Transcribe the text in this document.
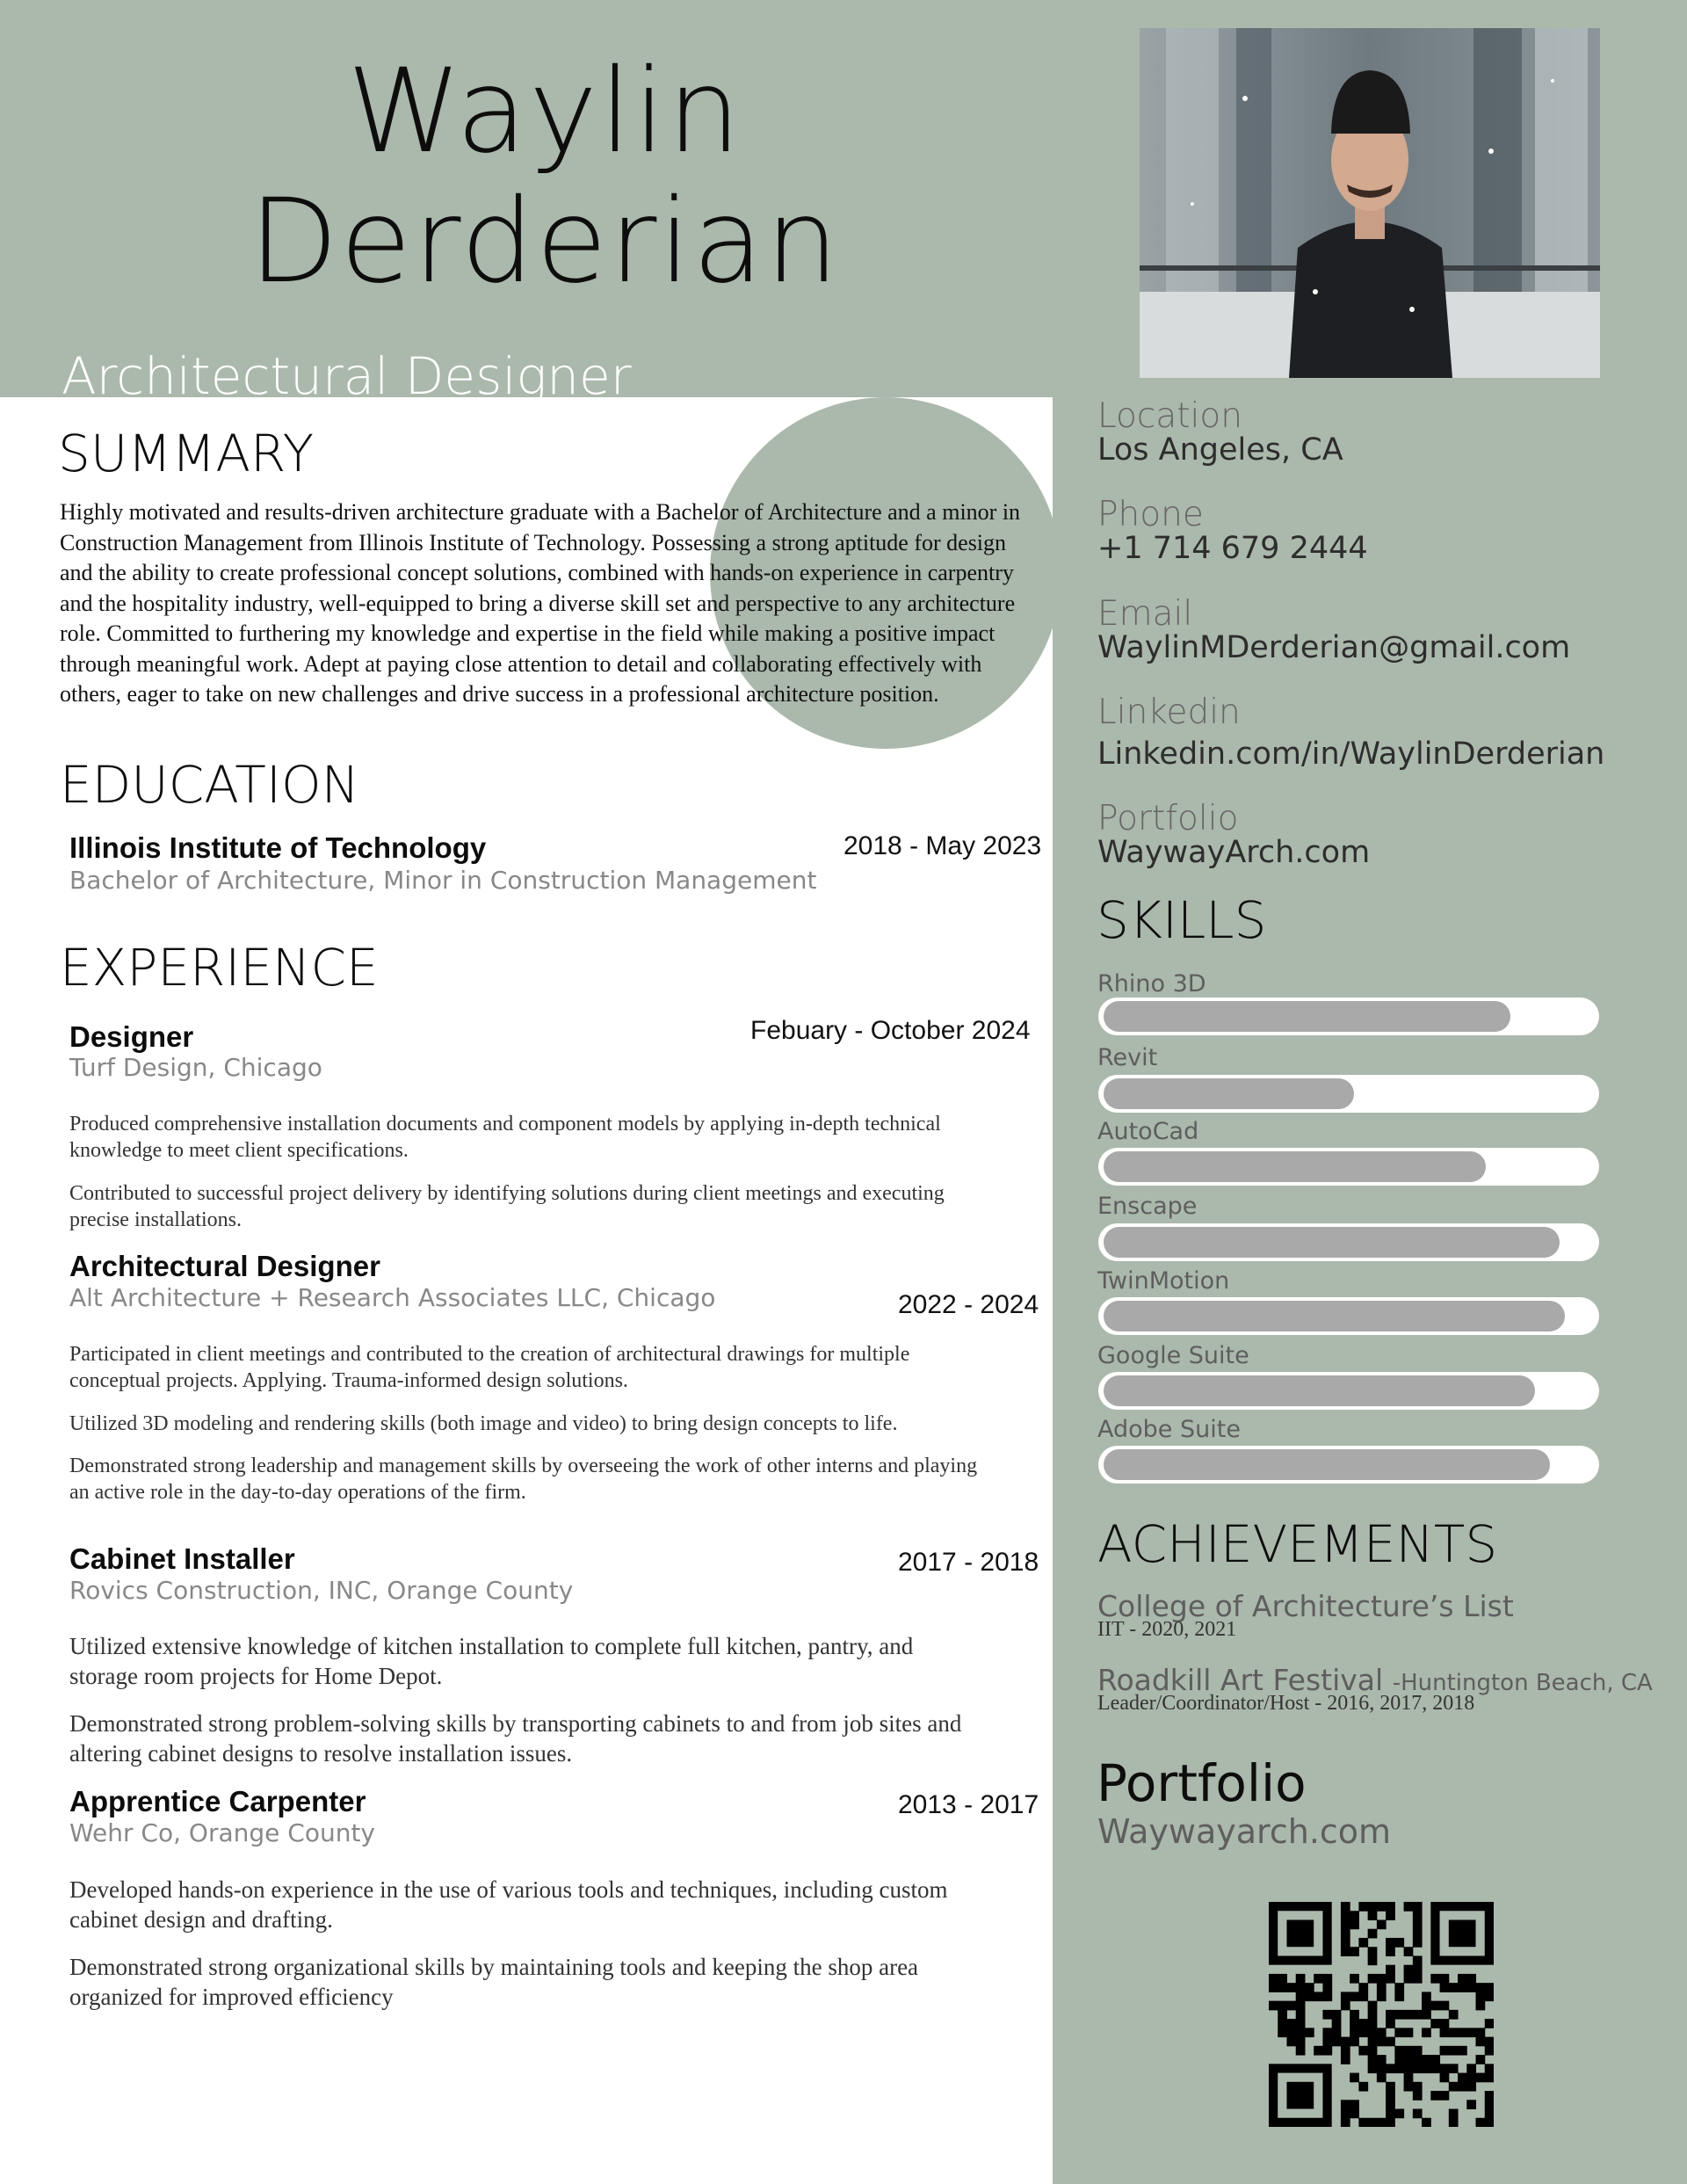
Waylin
Derderian
Architectural Designer
SUMMARY
Highly motivated and results-driven architecture graduate with a Bachelor of Architecture and a minor in Construction Management from Illinois Institute of Technology. Possessing a strong aptitude for design and the ability to create professional concept solutions, combined with hands-on experience in carpentry and the hospitality industry, well-equipped to bring a diverse skill set and perspective to any architecture role. Committed to furthering my knowledge and expertise in the field while making a positive impact through meaningful work. Adept at paying close attention to detail and collaborating effectively with others, eager to take on new challenges and drive success in a professional architecture position.
EDUCATION
Illinois Institute of Technology	2018 - May 2023
Bachelor of Architecture, Minor in Construction Management
EXPERIENCE
Designer	Febuary - October 2024
Turf Design, Chicago
Produced comprehensive installation documents and component models by applying in-depth technical knowledge to meet client specifications.
Contributed to successful project delivery by identifying solutions during client meetings and executing precise installations.
Architectural Designer
Alt Architecture + Research Associates LLC, Chicago	2022 - 2024
Participated in client meetings and contributed to the creation of architectural drawings for multiple conceptual projects. Applying. Trauma-informed design solutions.
Utilized 3D modeling and rendering skills (both image and video) to bring design concepts to life.
Demonstrated strong leadership and management skills by overseeing the work of other interns and playing an active role in the day-to-day operations of the firm.
Cabinet Installer	2017 - 2018
Rovics Construction, INC, Orange County
Utilized extensive knowledge of kitchen installation to complete full kitchen, pantry, and storage room projects for Home Depot.
Demonstrated strong problem-solving skills by transporting cabinets to and from job sites and altering cabinet designs to resolve installation issues.
Apprentice Carpenter	2013 - 2017
Wehr Co, Orange County
Developed hands-on experience in the use of various tools and techniques, including custom cabinet design and drafting.
Demonstrated strong organizational skills by maintaining tools and keeping the shop area organized for improved efficiency
Location
Los Angeles, CA
Phone
+1 714 679 2444
Email
WaylinMDerderian@gmail.com
Linkedin
Linkedin.com/in/WaylinDerderian
Portfolio
WaywayArch.com
SKILLS
Rhino 3D
Revit
AutoCad
Enscape
TwinMotion
Google Suite
Adobe Suite
ACHIEVEMENTS
College of Architecture’s List
IIT - 2020, 2021
Roadkill Art Festival -Huntington Beach, CA
Leader/Coordinator/Host - 2016, 2017, 2018
Portfolio
Waywayarch.com
